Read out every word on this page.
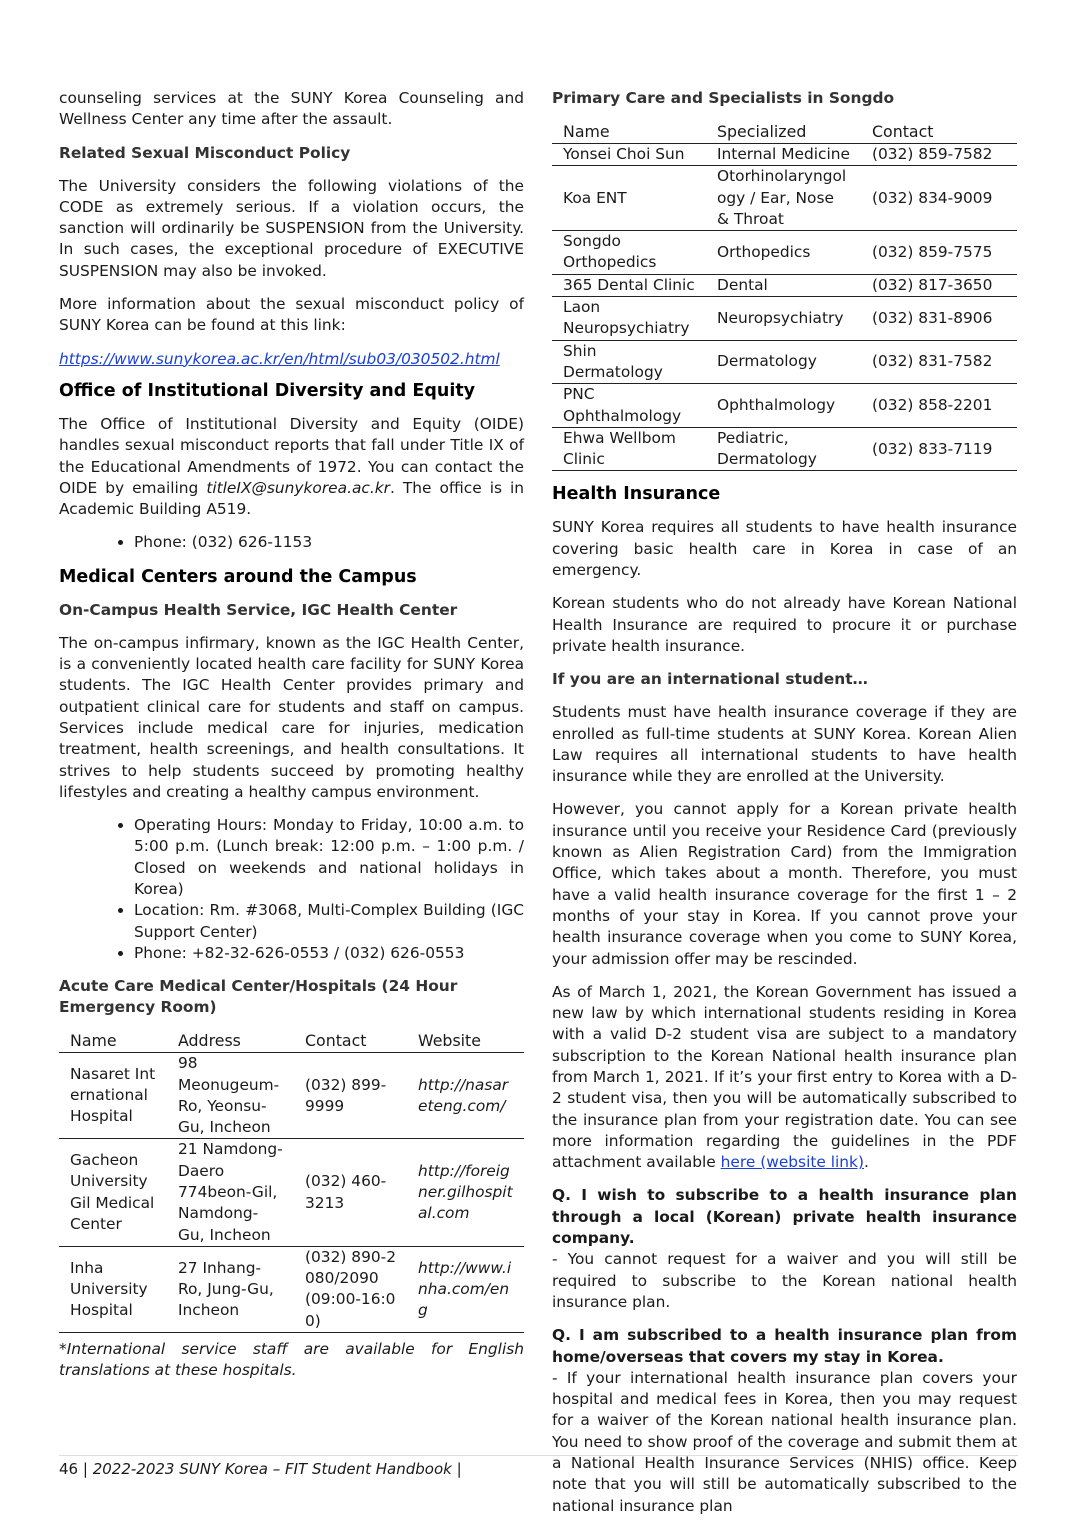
counseling services at the SUNY Korea Counseling and Wellness Center any time after the assault.

Related Sexual Misconduct Policy

The University considers the following violations of the CODE as extremely serious. If a violation occurs, the sanction will ordinarily be SUSPENSION from the University. In such cases, the exceptional procedure of EXECUTIVE SUSPENSION may also be invoked.

More information about the sexual misconduct policy of SUNY Korea can be found at this link:

https://www.sunykorea.ac.kr/en/html/sub03/030502.html

Office of Institutional Diversity and Equity

The Office of Institutional Diversity and Equity (OIDE) handles sexual misconduct reports that fall under Title IX of the Educational Amendments of 1972. You can contact the OIDE by emailing titleIX@sunykorea.ac.kr. The office is in Academic Building A519.

• Phone: (032) 626-1153
Medical Centers around the Campus
On-Campus Health Service, IGC Health Center

The on-campus infirmary, known as the IGC Health Center, is a conveniently located health care facility for SUNY Korea students. The IGC Health Center provides primary and outpatient clinical care for students and staff on campus. Services include medical care for injuries, medication treatment, health screenings, and health consultations. It strives to help students succeed by promoting healthy lifestyles and creating a healthy campus environment.

• Operating Hours: Monday to Friday, 10:00 a.m. to 5:00 p.m. (Lunch break: 12:00 p.m. – 1:00 p.m. / Closed on weekends and national holidays in Korea)
• Location: Rm. #3068, Multi-Complex Building (IGC Support Center)
• Phone: +82-32-626-0553 / (032) 626-0553
Acute Care Medical Center/Hospitals (24 Hour Emergency Room)
Name	Address	Contact	Website
Nasaret International Hospital	98 Meonugeum-Ro, Yeonsu-Gu, Incheon	(032) 899-9999	http://nasareteng.com/
Gacheon University Gil Medical Center	21 Namdong-Daero 774beon-Gil, Namdong-Gu, Incheon	(032) 460-3213	http://foreigner.gilhospital.com
Inha University Hospital	27 Inhang-Ro, Jung-Gu, Incheon	(032) 890-2080/2090 (09:00-16:00)	http://www.inha.com/eng

*International service staff are available for English translations at these hospitals.

Primary Care and Specialists in Songdo
Name	Specialized	Contact
Yonsei Choi Sun	Internal Medicine	(032) 859-7582
Koa ENT	Otorhinolaryngology / Ear, Nose & Throat	(032) 834-9009
Songdo Orthopedics	Orthopedics	(032) 859-7575
365 Dental Clinic	Dental	(032) 817-3650
Laon Neuropsychiatry	Neuropsychiatry	(032) 831-8906
Shin Dermatology	Dermatology	(032) 831-7582
PNC Ophthalmology	Ophthalmology	(032) 858-2201
Ehwa Wellbom Clinic	Pediatric, Dermatology	(032) 833-7119
Health Insurance

SUNY Korea requires all students to have health insurance covering basic health care in Korea in case of an emergency.

Korean students who do not already have Korean National Health Insurance are required to procure it or purchase private health insurance.

If you are an international student…

Students must have health insurance coverage if they are enrolled as full-time students at SUNY Korea. Korean Alien Law requires all international students to have health insurance while they are enrolled at the University.

However, you cannot apply for a Korean private health insurance until you receive your Residence Card (previously known as Alien Registration Card) from the Immigration Office, which takes about a month. Therefore, you must have a valid health insurance coverage for the first 1 – 2 months of your stay in Korea. If you cannot prove your health insurance coverage when you come to SUNY Korea, your admission offer may be rescinded.

As of March 1, 2021, the Korean Government has issued a new law by which international students residing in Korea with a valid D-2 student visa are subject to a mandatory subscription to the Korean National health insurance plan from March 1, 2021. If it’s your first entry to Korea with a D-2 student visa, then you will be automatically subscribed to the insurance plan from your registration date. You can see more information regarding the guidelines in the PDF attachment available here (website link).

Q. I wish to subscribe to a health insurance plan through a local (Korean) private health insurance company.

- You cannot request for a waiver and you will still be required to subscribe to the Korean national health insurance plan.

Q. I am subscribed to a health insurance plan from home/overseas that covers my stay in Korea.

- If your international health insurance plan covers your hospital and medical fees in Korea, then you may request for a waiver of the Korean national health insurance plan. You need to show proof of the coverage and submit them at a National Health Insurance Services (NHIS) office. Keep note that you will still be automatically subscribed to the national insurance plan

46 | 2022-2023 SUNY Korea – FIT Student Handbook |
